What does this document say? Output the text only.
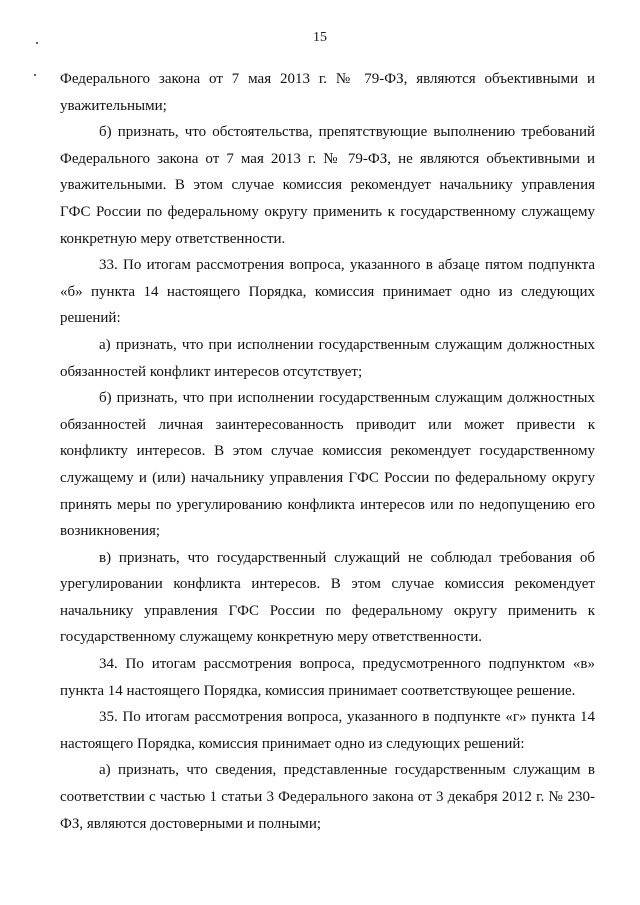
15

Федерального закона от 7 мая 2013 г. № 79-ФЗ, являются объективными и уважительными;

б) признать, что обстоятельства, препятствующие выполнению требований Федерального закона от 7 мая 2013 г. № 79-ФЗ, не являются объективными и уважительными. В этом случае комиссия рекомендует начальнику управления ГФС России по федеральному округу применить к государственному служащему конкретную меру ответственности.

33. По итогам рассмотрения вопроса, указанного в абзаце пятом подпункта «б» пункта 14 настоящего Порядка, комиссия принимает одно из следующих решений:

а) признать, что при исполнении государственным служащим должностных обязанностей конфликт интересов отсутствует;

б) признать, что при исполнении государственным служащим должностных обязанностей личная заинтересованность приводит или может привести к конфликту интересов. В этом случае комиссия рекомендует государственному служащему и (или) начальнику управления ГФС России по федеральному округу принять меры по урегулированию конфликта интересов или по недопущению его возникновения;

в) признать, что государственный служащий не соблюдал требования об урегулировании конфликта интересов. В этом случае комиссия рекомендует начальнику управления ГФС России по федеральному округу применить к государственному служащему конкретную меру ответственности.

34. По итогам рассмотрения вопроса, предусмотренного подпунктом «в» пункта 14 настоящего Порядка, комиссия принимает соответствующее решение.

35. По итогам рассмотрения вопроса, указанного в подпункте «г» пункта 14 настоящего Порядка, комиссия принимает одно из следующих решений:

а) признать, что сведения, представленные государственным служащим в соответствии с частью 1 статьи 3 Федерального закона от 3 декабря 2012 г. № 230-ФЗ, являются достоверными и полными;
